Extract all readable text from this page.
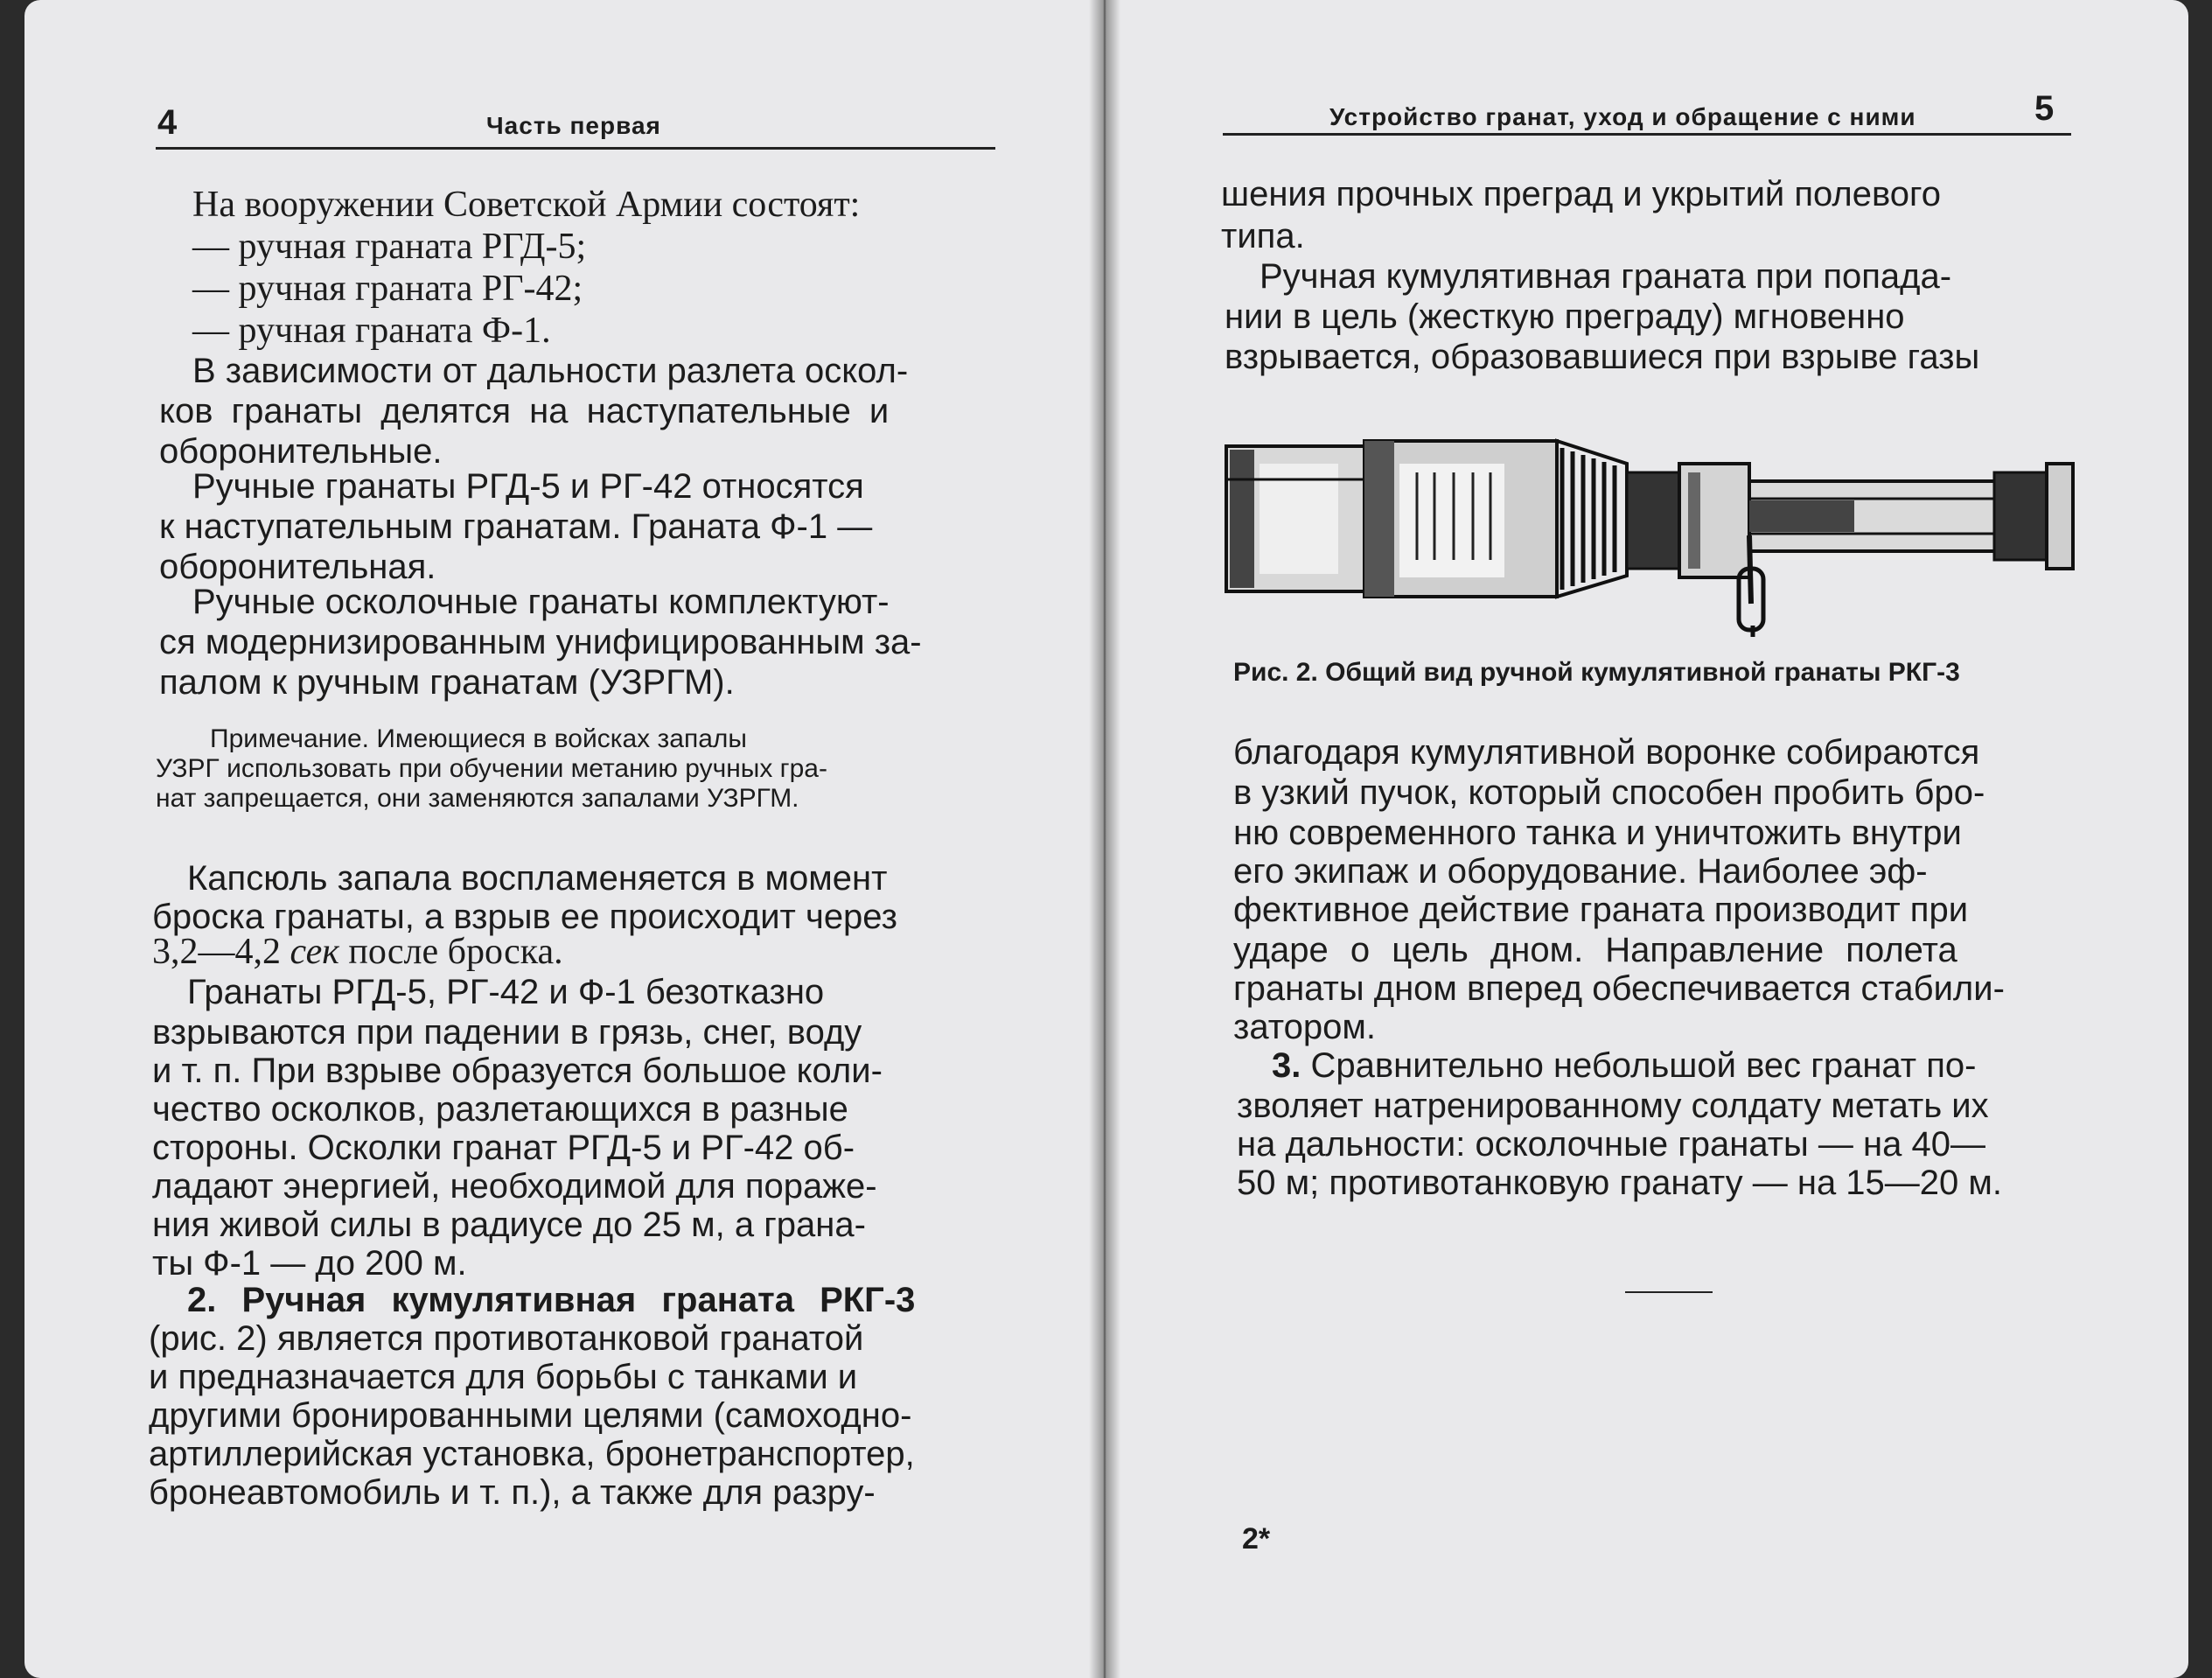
4	Часть первая
На вооружении Советской Армии состоят:
— ручная граната РГД-5;
— ручная граната РГ-42;
— ручная граната Ф-1.
В зависимости от дальности разлета оскол-
ков гранаты делятся на наступательные и
оборонительные.
Ручные гранаты РГД-5 и РГ-42 относятся
к наступательным гранатам. Граната Ф-1 —
оборонительная.
Ручные осколочные гранаты комплектуют-
ся модернизированным унифицированным за-
палом к ручным гранатам (УЗРГМ).
Примечание. Имеющиеся в войсках запалы
УЗРГ использовать при обучении метанию ручных гра-
нат запрещается, они заменяются запалами УЗРГМ.
Капсюль запала воспламеняется в момент
броска гранаты, а взрыв ее происходит через
3,2—4,2 сек после броска.
Гранаты РГД-5, РГ-42 и Ф-1 безотказно
взрываются при падении в грязь, снег, воду
и т. п. При взрыве образуется большое коли-
чество осколков, разлетающихся в разные
стороны. Осколки гранат РГД-5 и РГ-42 об-
ладают энергией, необходимой для пораже-
ния живой силы в радиусе до 25 м, а грана-
ты Ф-1 — до 200 м.
2. Ручная кумулятивная граната РКГ-3
(рис. 2) является противотанковой гранатой
и предназначается для борьбы с танками и
другими бронированными целями (самоходно-
артиллерийская установка, бронетранспортер,
бронеавтомобиль и т. п.), а также для разру-
Устройство гранат, уход и обращение с ними	5
шения прочных преград и укрытий полевого
типа.
Ручная кумулятивная граната при попада-
нии в цель (жесткую преграду) мгновенно
взрывается, образовавшиеся при взрыве газы
Рис. 2. Общий вид ручной кумулятивной гранаты РКГ-3
благодаря кумулятивной воронке собираются
в узкий пучок, который способен пробить бро-
ню современного танка и уничтожить внутри
его экипаж и оборудование. Наиболее эф-
фективное действие граната производит при
ударе о цель дном. Направление полета
гранаты дном вперед обеспечивается стабили-
затором.
3. Сравнительно небольшой вес гранат по-
зволяет натренированному солдату метать их
на дальности: осколочные гранаты — на 40—
50 м; противотанковую гранату — на 15—20 м.
2*
